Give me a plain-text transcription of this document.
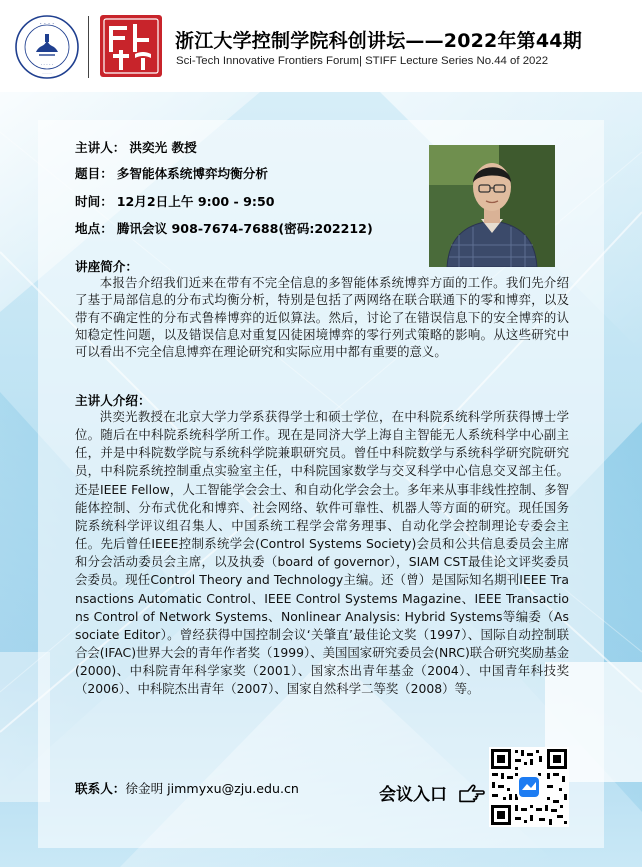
· · · ·
· · · · ·
· · · · ·
浙江大学控制学院科创讲坛——2022年第44期
Sci-Tech Innovative Frontiers Forum| STIFF Lecture Series No.44 of 2022
主讲人： 洪奕光 教授
题目： 多智能体系统博弈均衡分析
时间： 12月2日上午 9:00 - 9:50
地点： 腾讯会议 908-7674-7688(密码:202212)
讲座简介：
本报告介绍我们近来在带有不完全信息的多智能体系统博弈方面的工作。我们先介绍了基于局部信息的分布式均衡分析，特别是包括了两网络在联合联通下的零和博弈，以及带有不确定性的分布式鲁棒博弈的近似算法。然后，讨论了在错误信息下的安全博弈的认知稳定性问题，以及错误信息对重复囚徒困境博弈的零行列式策略的影响。从这些研究中可以看出不完全信息博弈在理论研究和实际应用中都有重要的意义。
主讲人介绍：
洪奕光教授在北京大学力学系获得学士和硕士学位，在中科院系统科学所获得博士学位。随后在中科院系统科学所工作。现在是同济大学上海自主智能无人系统科学中心副主任，并是中科院数学院与系统科学院兼职研究员。曾任中科院数学与系统科学研究院研究员，中科院系统控制重点实验室主任，中科院国家数学与交叉科学中心信息交叉部主任。还是IEEE Fellow，人工智能学会会士、和自动化学会会士。多年来从事非线性控制、多智能体控制、分布式优化和博弈、社会网络、软件可靠性、机器人等方面的研究。现任国务院系统科学评议组召集人、中国系统工程学会常务理事、自动化学会控制理论专委会主任。先后曾任IEEE控制系统学会(Control Systems Society)会员和公共信息委员会主席和分会活动委员会主席，以及执委（board of governor），SIAM CST最佳论文评奖委员会委员。现任Control Theory and Technology主编。还（曾）是国际知名期刊IEEE Transactions Automatic Control、IEEE Control Systems Magazine、IEEE Transactions Control of Network Systems、Nonlinear Analysis: Hybrid Systems等编委（Associate Editor）。曾经获得中国控制会议‘关肇直’最佳论文奖（1997）、国际自动控制联合会(IFAC)世界大会的青年作者奖（1999）、美国国家研究委员会(NRC)联合研究奖励基金(2000)、中科院青年科学家奖（2001）、国家杰出青年基金（2004）、中国青年科技奖（2006）、中科院杰出青年（2007）、国家自然科学二等奖（2008）等。
联系人：徐金明 jimmyxu@zju.edu.cn	会议入口
